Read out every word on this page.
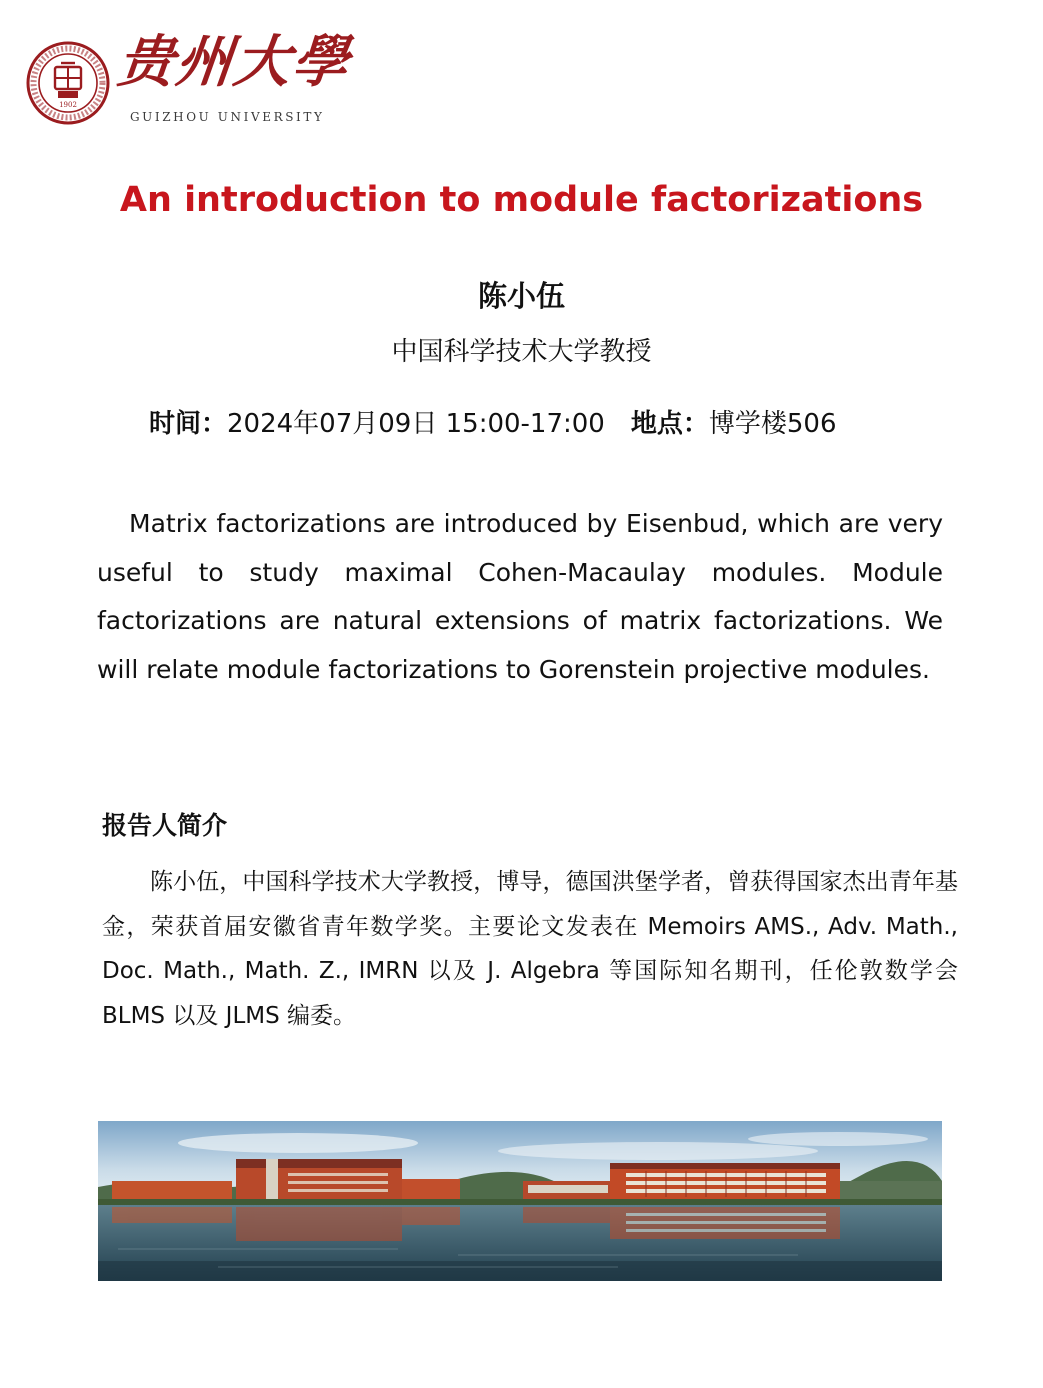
1902
贵州大學
GUIZHOU UNIVERSITY
An introduction to module factorizations
陈小伍
中国科学技术大学教授
时间：2024年07月09日 15:00-17:00 地点：博学楼506

Matrix factorizations are introduced by Eisenbud, which are very useful to study maximal Cohen-Macaulay modules. Module factorizations are natural extensions of matrix factorizations. We will relate module factorizations to Gorenstein projective modules.

报告人简介

陈小伍，中国科学技术大学教授，博导，德国洪堡学者，曾获得国家杰出青年基金，荣获首届安徽省青年数学奖。主要论文发表在 Memoirs AMS., Adv. Math., Doc. Math., Math. Z., IMRN 以及 J. Algebra 等国际知名期刊，任伦敦数学会 BLMS 以及 JLMS 编委。
